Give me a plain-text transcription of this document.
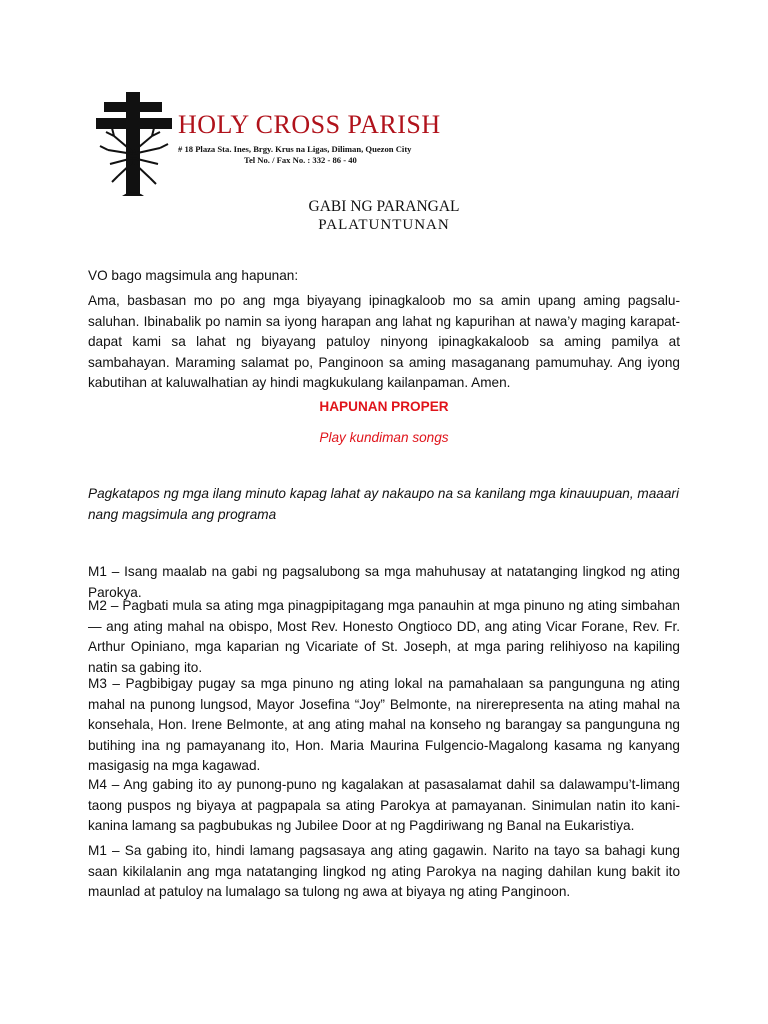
HOLY CROSS PARISH
# 18 Plaza Sta. Ines, Brgy. Krus na Ligas, Diliman, Quezon City
Tel No. / Fax No. : 332 - 86 - 40
GABI NG PARANGAL
PALATUNTUNAN
VO bago magsimula ang hapunan:
Ama, basbasan mo po ang mga biyayang ipinagkaloob mo sa amin upang aming pagsalu-saluhan. Ibinabalik po namin sa iyong harapan ang lahat ng kapurihan at nawa’y maging karapat-dapat kami sa lahat ng biyayang patuloy ninyong ipinagkakaloob sa aming pamilya at sambahayan. Maraming salamat po, Panginoon sa aming masaganang pamumuhay. Ang iyong kabutihan at kaluwalhatian ay hindi magkukulang kailanpaman. Amen.
HAPUNAN PROPER
Play kundiman songs
Pagkatapos ng mga ilang minuto kapag lahat ay nakaupo na sa kanilang mga kinauupuan, maaari nang magsimula ang programa
M1 – Isang maalab na gabi ng pagsalubong sa mga mahuhusay at natatanging lingkod ng ating Parokya.
M2 – Pagbati mula sa ating mga pinagpipitagang mga panauhin at mga pinuno ng ating simbahan— ang ating mahal na obispo, Most Rev. Honesto Ongtioco DD, ang ating Vicar Forane, Rev. Fr. Arthur Opiniano, mga kaparian ng Vicariate of St. Joseph, at mga paring relihiyoso na kapiling natin sa gabing ito.
M3 – Pagbibigay pugay sa mga pinuno ng ating lokal na pamahalaan sa pangunguna ng ating mahal na punong lungsod, Mayor Josefina “Joy” Belmonte, na nirerepresenta na ating mahal na konsehala, Hon. Irene Belmonte, at ang ating mahal na konseho ng barangay sa pangunguna ng butihing ina ng pamayanang ito, Hon. Maria Maurina Fulgencio-Magalong kasama ng kanyang masigasig na mga kagawad.
M4 – Ang gabing ito ay punong-puno ng kagalakan at pasasalamat dahil sa dalawampu’t-limang taong puspos ng biyaya at pagpapala sa ating Parokya at pamayanan. Sinimulan natin ito kani-kanina lamang sa pagbubukas ng Jubilee Door at ng Pagdiriwang ng Banal na Eukaristiya.
M1 – Sa gabing ito, hindi lamang pagsasaya ang ating gagawin. Narito na tayo sa bahagi kung saan kikilalanin ang mga natatanging lingkod ng ating Parokya na naging dahilan kung bakit ito maunlad at patuloy na lumalago sa tulong ng awa at biyaya ng ating Panginoon.
